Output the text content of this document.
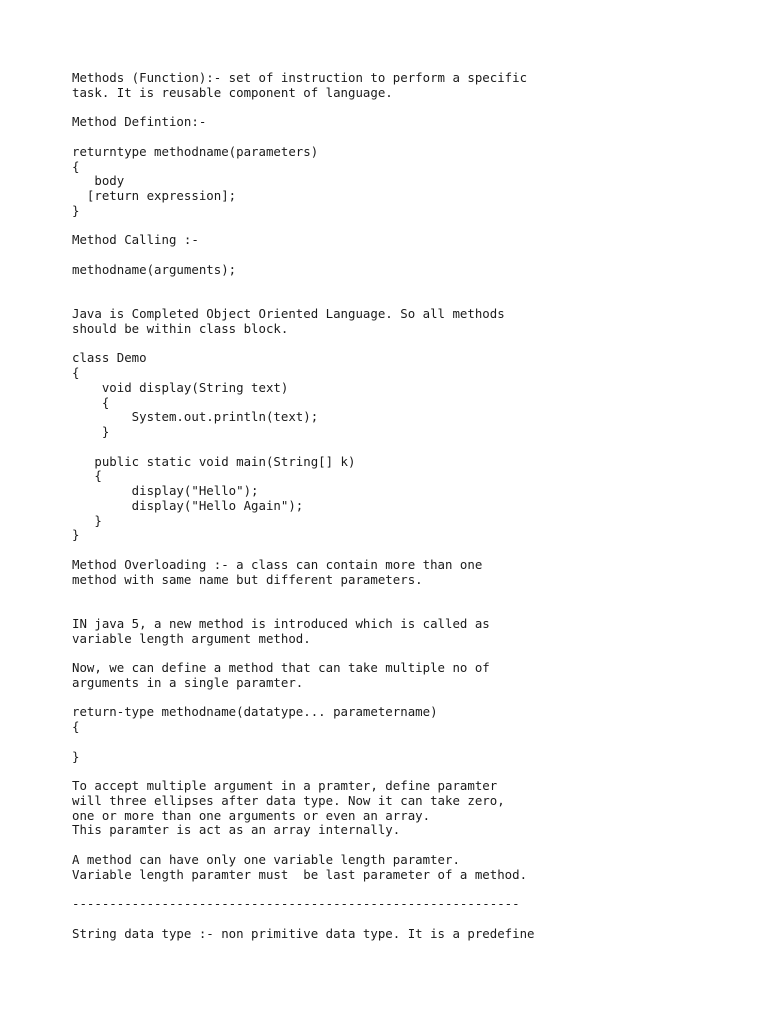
Methods (Function):- set of instruction to perform a specific
task. It is reusable component of language.
Method Defintion:-
returntype methodname(parameters)
{
body
[return expression];
}
Method Calling :-
methodname(arguments);
Java is Completed Object Oriented Language. So all methods
should be within class block.
class Demo
{
void display(String text)
{
System.out.println(text);
}
public static void main(String[] k)
{
display("Hello");
display("Hello Again");
}
}
Method Overloading :- a class can contain more than one
method with same name but different parameters.
IN java 5, a new method is introduced which is called as
variable length argument method.
Now, we can define a method that can take multiple no of
arguments in a single paramter.
return-type methodname(datatype... parametername)
{
}
To accept multiple argument in a pramter, define paramter
will three ellipses after data type. Now it can take zero,
one or more than one arguments or even an array.
This paramter is act as an array internally.
A method can have only one variable length paramter.
Variable length paramter must  be last parameter of a method.
------------------------------------------------------------
String data type :- non primitive data type. It is a predefine
